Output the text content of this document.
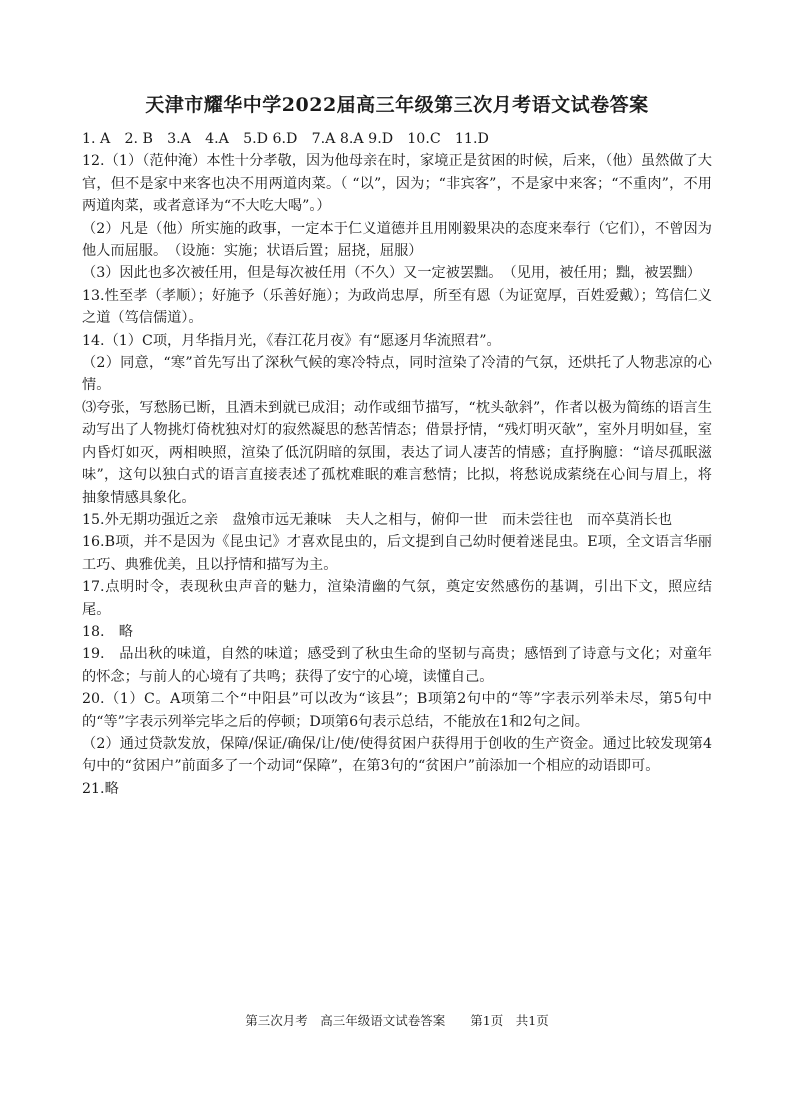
天津市耀华中学2022届高三年级第三次月考语文试卷答案

1. A　2. B　3.A　4.A　5.D 6.D　7.A 8.A 9.D　10.C　11.D

12.（1）（范仲淹）本性十分孝敬，因为他母亲在时，家境正是贫困的时候，后来，（他）虽然做了大官，但不是家中来客也决不用两道肉菜。（ “以”，因为；“非宾客”，不是家中来客；“不重肉”，不用两道肉菜，或者意译为“不大吃大喝”。）

（2）凡是（他）所实施的政事，一定本于仁义道德并且用刚毅果决的态度来奉行（它们），不曾因为他人而屈服。　（设施：实施；状语后置；屈挠，屈服）

（3）因此也多次被任用，但是每次被任用（不久）又一定被罢黜。　（见用，被任用；黜，被罢黜）

13.性至孝（孝顺）；好施予（乐善好施）；为政尚忠厚，所至有恩（为证宽厚，百姓爱戴）；笃信仁义之道（笃信儒道）。

14.（1）C项，月华指月光，《春江花月夜》有“愿逐月华流照君”。

（2）同意，“寒”首先写出了深秋气候的寒冷特点，同时渲染了冷清的气氛，还烘托了人物悲凉的心情。

⑶夸张，写愁肠已断，且酒未到就已成泪；动作或细节描写，“枕头欹斜”，作者以极为简练的语言生动写出了人物挑灯倚枕独对灯的寂然凝思的愁苦情态；借景抒情，“残灯明灭欹”，室外月明如昼，室内昏灯如灭，两相映照，渲染了低沉阴暗的氛围，表达了词人凄苦的情感；直抒胸臆：“谙尽孤眠滋味”，这句以独白式的语言直接表述了孤枕难眠的难言愁情；比拟，将愁说成萦绕在心间与眉上，将抽象情感具象化。

15.外无期功强近之亲　盘飧市远无兼味　夫人之相与，俯仰一世　而未尝往也　而卒莫消长也

16.B项，并不是因为《昆虫记》才喜欢昆虫的，后文提到自己幼时便着迷昆虫。E项，全文语言华丽工巧、典雅优美，且以抒情和描写为主。

17.点明时令，表现秋虫声音的魅力，渲染清幽的气氛，奠定安然感伤的基调，引出下文，照应结尾。

18.　略

19.　品出秋的味道，自然的味道；感受到了秋虫生命的坚韧与高贵；感悟到了诗意与文化；对童年的怀念；与前人的心境有了共鸣；获得了安宁的心境，读懂自己。

20.（1）C。A项第二个“中阳县”可以改为“该县”；B项第2句中的“等”字表示列举未尽，第5句中的“等”字表示列举完毕之后的停顿；D项第6句表示总结，不能放在1和2句之间。

（2）通过贷款发放，保障/保证/确保/让/使/使得贫困户获得用于创收的生产资金。通过比较发现第4句中的“贫困户”前面多了一个动词“保障”，在第3句的“贫困户”前添加一个相应的动语即可。

21.略

第三次月考　高三年级语文试卷答案　　第1页　共1页
